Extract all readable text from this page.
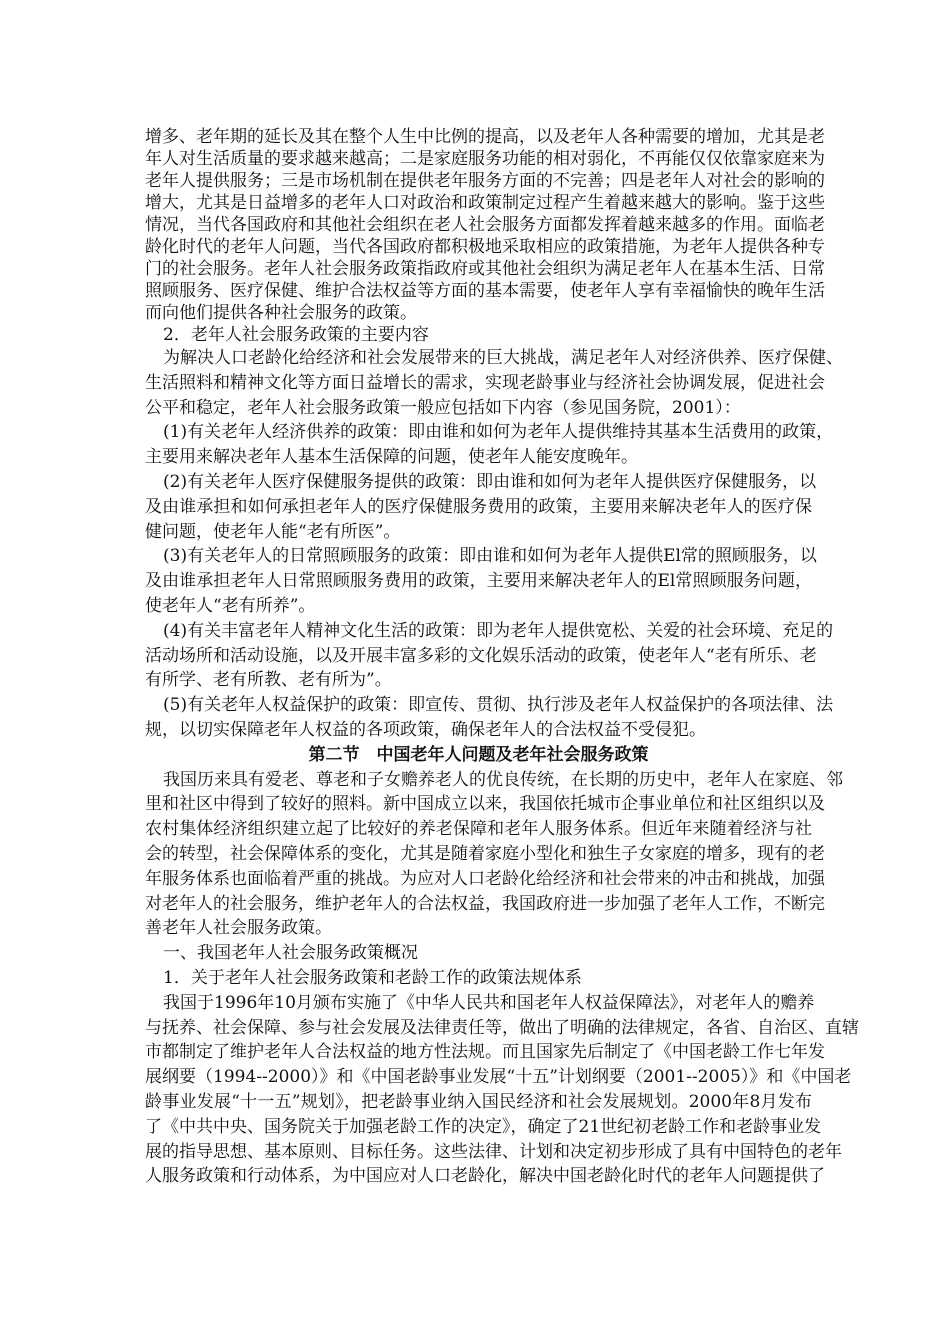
增多、老年期的延长及其在整个人生中比例的提高，以及老年人各种需要的增加，尤其是老
年人对生活质量的要求越来越高；二是家庭服务功能的相对弱化，不再能仅仅依靠家庭来为
老年人提供服务；三是市场机制在提供老年服务方面的不完善；四是老年人对社会的影响的
增大，尤其是日益增多的老年人口对政治和政策制定过程产生着越来越大的影响。鉴于这些
情况，当代各国政府和其他社会组织在老人社会服务方面都发挥着越来越多的作用。面临老
龄化时代的老年人问题，当代各国政府都积极地采取相应的政策措施，为老年人提供各种专
门的社会服务。老年人社会服务政策指政府或其他社会组织为满足老年人在基本生活、日常
照顾服务、医疗保健、维护合法权益等方面的基本需要，使老年人享有幸福愉快的晚年生活
而向他们提供各种社会服务的政策。
2．老年人社会服务政策的主要内容
为解决人口老龄化给经济和社会发展带来的巨大挑战，满足老年人对经济供养、医疗保健、
生活照料和精神文化等方面日益增长的需求，实现老龄事业与经济社会协调发展，促进社会
公平和稳定，老年人社会服务政策一般应包括如下内容（参见国务院，2001）：
(1)有关老年人经济供养的政策：即由谁和如何为老年人提供维持其基本生活费用的政策，
主要用来解决老年人基本生活保障的问题，使老年人能安度晚年。
(2)有关老年人医疗保健服务提供的政策：即由谁和如何为老年人提供医疗保健服务，以
及由谁承担和如何承担老年人的医疗保健服务费用的政策，主要用来解决老年人的医疗保
健问题，使老年人能“老有所医”。
(3)有关老年人的日常照顾服务的政策：即由谁和如何为老年人提供El常的照顾服务，以
及由谁承担老年人日常照顾服务费用的政策，主要用来解决老年人的El常照顾服务问题，
使老年人“老有所养”。
(4)有关丰富老年人精神文化生活的政策：即为老年人提供宽松、关爱的社会环境、充足的
活动场所和活动设施，以及开展丰富多彩的文化娱乐活动的政策，使老年人“老有所乐、老
有所学、老有所教、老有所为”。
(5)有关老年人权益保护的政策：即宣传、贯彻、执行涉及老年人权益保护的各项法律、法
规，以切实保障老年人权益的各项政策，确保老年人的合法权益不受侵犯。
第二节　中国老年人问题及老年社会服务政策
我国历来具有爱老、尊老和子女赡养老人的优良传统，在长期的历史中，老年人在家庭、邻
里和社区中得到了较好的照料。新中国成立以来，我国依托城市企事业单位和社区组织以及
农村集体经济组织建立起了比较好的养老保障和老年人服务体系。但近年来随着经济与社
会的转型，社会保障体系的变化，尤其是随着家庭小型化和独生子女家庭的增多，现有的老
年服务体系也面临着严重的挑战。为应对人口老龄化给经济和社会带来的冲击和挑战，加强
对老年人的社会服务，维护老年人的合法权益，我国政府进一步加强了老年人工作，不断完
善老年人社会服务政策。
一、我国老年人社会服务政策概况
1．关于老年人社会服务政策和老龄工作的政策法规体系
我国于1996年10月颁布实施了《中华人民共和国老年人权益保障法》，对老年人的赡养
与抚养、社会保障、参与社会发展及法律责任等，做出了明确的法律规定，各省、自治区、直辖
市都制定了维护老年人合法权益的地方性法规。而且国家先后制定了《中国老龄工作七年发
展纲要（1994--2000）》和《中国老龄事业发展“十五”计划纲要（2001--2005）》和《中国老
龄事业发展“十一五”规划》，把老龄事业纳入国民经济和社会发展规划。2000年8月发布
了《中共中央、国务院关于加强老龄工作的决定》，确定了21世纪初老龄工作和老龄事业发
展的指导思想、基本原则、目标任务。这些法律、计划和决定初步形成了具有中国特色的老年
人服务政策和行动体系，为中国应对人口老龄化，解决中国老龄化时代的老年人问题提供了
